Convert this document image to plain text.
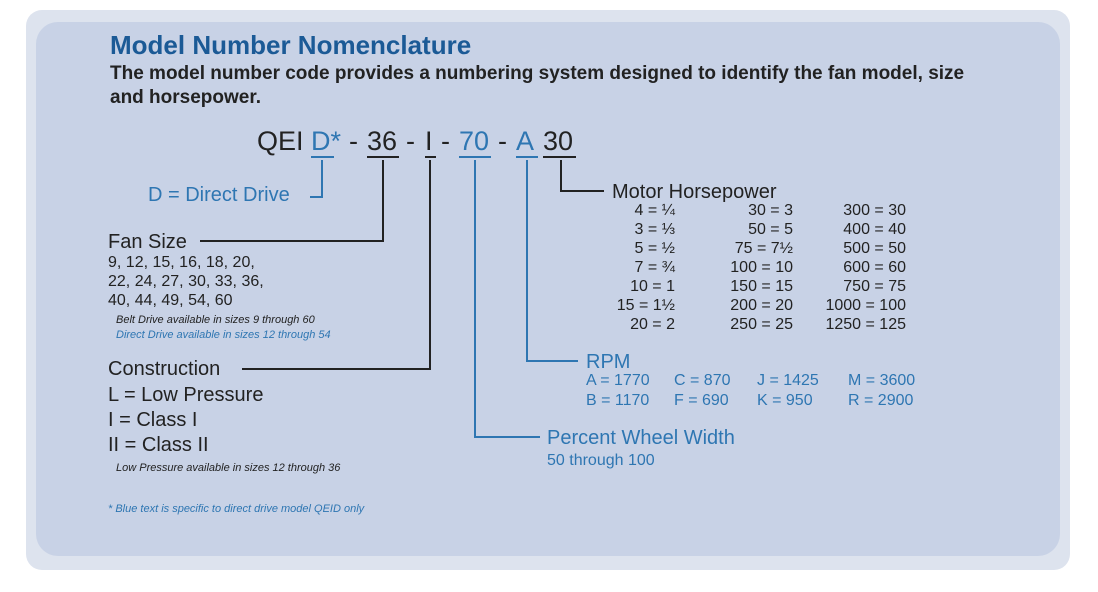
Model Number Nomenclature
The model number code provides a numbering system designed to identify the fan model, size and horsepower.
QEI D* - 36 - I - 70 - A 30
D = Direct Drive
Fan Size
9, 12, 15, 16, 18, 20,
22, 24, 27, 30, 33, 36,
40, 44, 49, 54, 60
Belt Drive available in sizes 9 through 60
Direct Drive available in sizes 12 through 54
Construction
L = Low Pressure
I = Class I
II = Class II
Low Pressure available in sizes 12 through 36
* Blue text is specific to direct drive model QEID only
Motor Horsepower
4 = ¼
3 = ⅓
5 = ½
7 = ¾
10 = 1
15 = 1½
20 = 2
30 = 3
50 = 5
75 = 7½
100 = 10
150 = 15
200 = 20
250 = 25
300 = 30
400 = 40
500 = 50
600 = 60
750 = 75
1000 = 100
1250 = 125
RPM
A = 1770 C = 870 J = 1425 M = 3600
B = 1170 F = 690 K = 950 R = 2900
Percent Wheel Width
50 through 100
